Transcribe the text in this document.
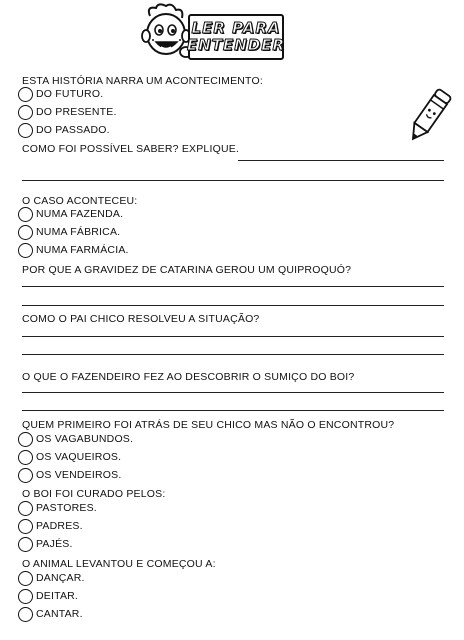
LER PARA
ENTENDER
ESTA HISTÓRIA NARRA UM ACONTECIMENTO:
DO FUTURO.
DO PRESENTE.
DO PASSADO.
COMO FOI POSSÍVEL SABER? EXPLIQUE.
O CASO ACONTECEU:
NUMA FAZENDA.
NUMA FÁBRICA.
NUMA FARMÁCIA.
POR QUE A GRAVIDEZ DE CATARINA GEROU UM QUIPROQUÓ?
COMO O PAI CHICO RESOLVEU A SITUAÇÃO?
O QUE O FAZENDEIRO FEZ AO DESCOBRIR O SUMIÇO DO BOI?
QUEM PRIMEIRO FOI ATRÁS DE SEU CHICO MAS NÃO O ENCONTROU?
OS VAGABUNDOS.
OS VAQUEIROS.
OS VENDEIROS.
O BOI FOI CURADO PELOS:
PASTORES.
PADRES.
PAJÉS.
O ANIMAL LEVANTOU E COMEÇOU A:
DANÇAR.
DEITAR.
CANTAR.
